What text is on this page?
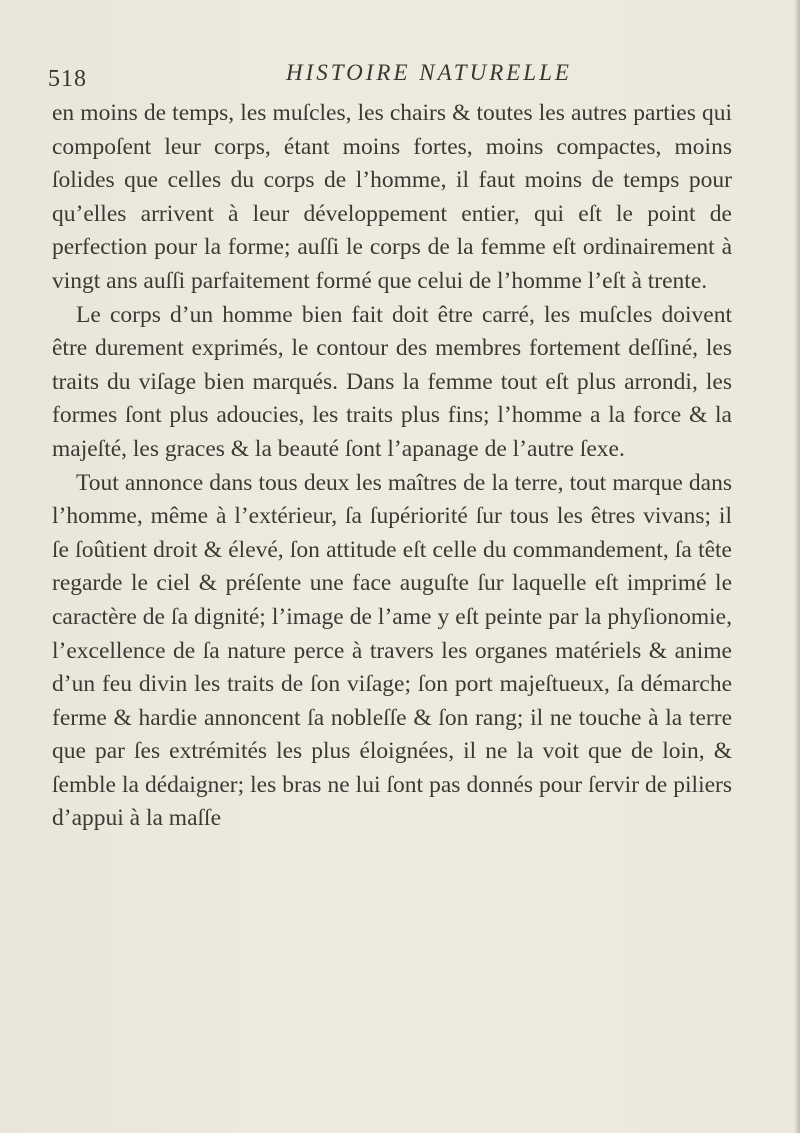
518	HISTOIRE NATURELLE

en moins de temps, les muſcles, les chairs & toutes les autres parties qui compoſent leur corps, étant moins fortes, moins compactes, moins ſolides que celles du corps de l’homme, il faut moins de temps pour qu’elles arrivent à leur développement entier, qui eſt le point de perfection pour la forme; auſſi le corps de la femme eſt ordinairement à vingt ans auſſi parfaitement formé que celui de l’homme l’eſt à trente.

Le corps d’un homme bien fait doit être carré, les muſcles doivent être durement exprimés, le contour des membres fortement deſſiné, les traits du viſage bien marqués. Dans la femme tout eſt plus arrondi, les formes ſont plus adoucies, les traits plus fins; l’homme a la force & la majeſté, les graces & la beauté ſont l’apanage de l’autre ſexe.

Tout annonce dans tous deux les maîtres de la terre, tout marque dans l’homme, même à l’extérieur, ſa ſupériorité ſur tous les êtres vivans; il ſe ſoûtient droit & élevé, ſon attitude eſt celle du commandement, ſa tête regarde le ciel & préſente une face auguſte ſur laquelle eſt imprimé le caractère de ſa dignité; l’image de l’ame y eſt peinte par la phyſionomie, l’excellence de ſa nature perce à travers les organes matériels & anime d’un feu divin les traits de ſon viſage; ſon port majeſtueux, ſa démarche ferme & hardie annoncent ſa nobleſſe & ſon rang; il ne touche à la terre que par ſes extrémités les plus éloignées, il ne la voit que de loin, & ſemble la dédaigner; les bras ne lui ſont pas donnés pour ſervir de piliers d’appui à la maſſe
